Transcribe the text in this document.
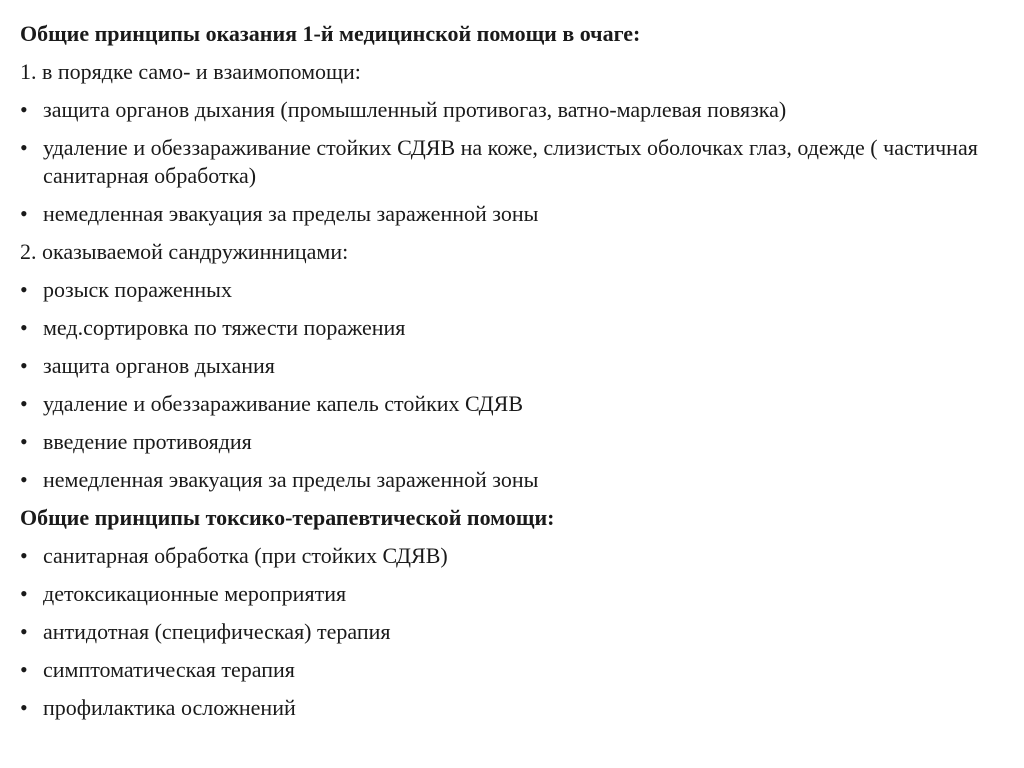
Общие принципы оказания 1-й медицинской помощи в очаге:
1. в порядке само- и взаимопомощи:
• защита органов дыхания (промышленный противогаз, ватно-марлевая повязка)
• удаление и обеззараживание стойких СДЯВ на коже, слизистых оболочках глаз, одежде ( частичная санитарная обработка)
• немедленная эвакуация за пределы зараженной зоны
2. оказываемой сандружинницами:
• розыск пораженных
• мед.сортировка по тяжести поражения
• защита органов дыхания
• удаление и обеззараживание капель стойких СДЯВ
• введение противоядия
• немедленная эвакуация за пределы зараженной зоны
Общие принципы токсико-терапевтической помощи:
• санитарная обработка (при стойких СДЯВ)
• детоксикационные мероприятия
• антидотная (специфическая) терапия
• симптоматическая терапия
• профилактика осложнений
